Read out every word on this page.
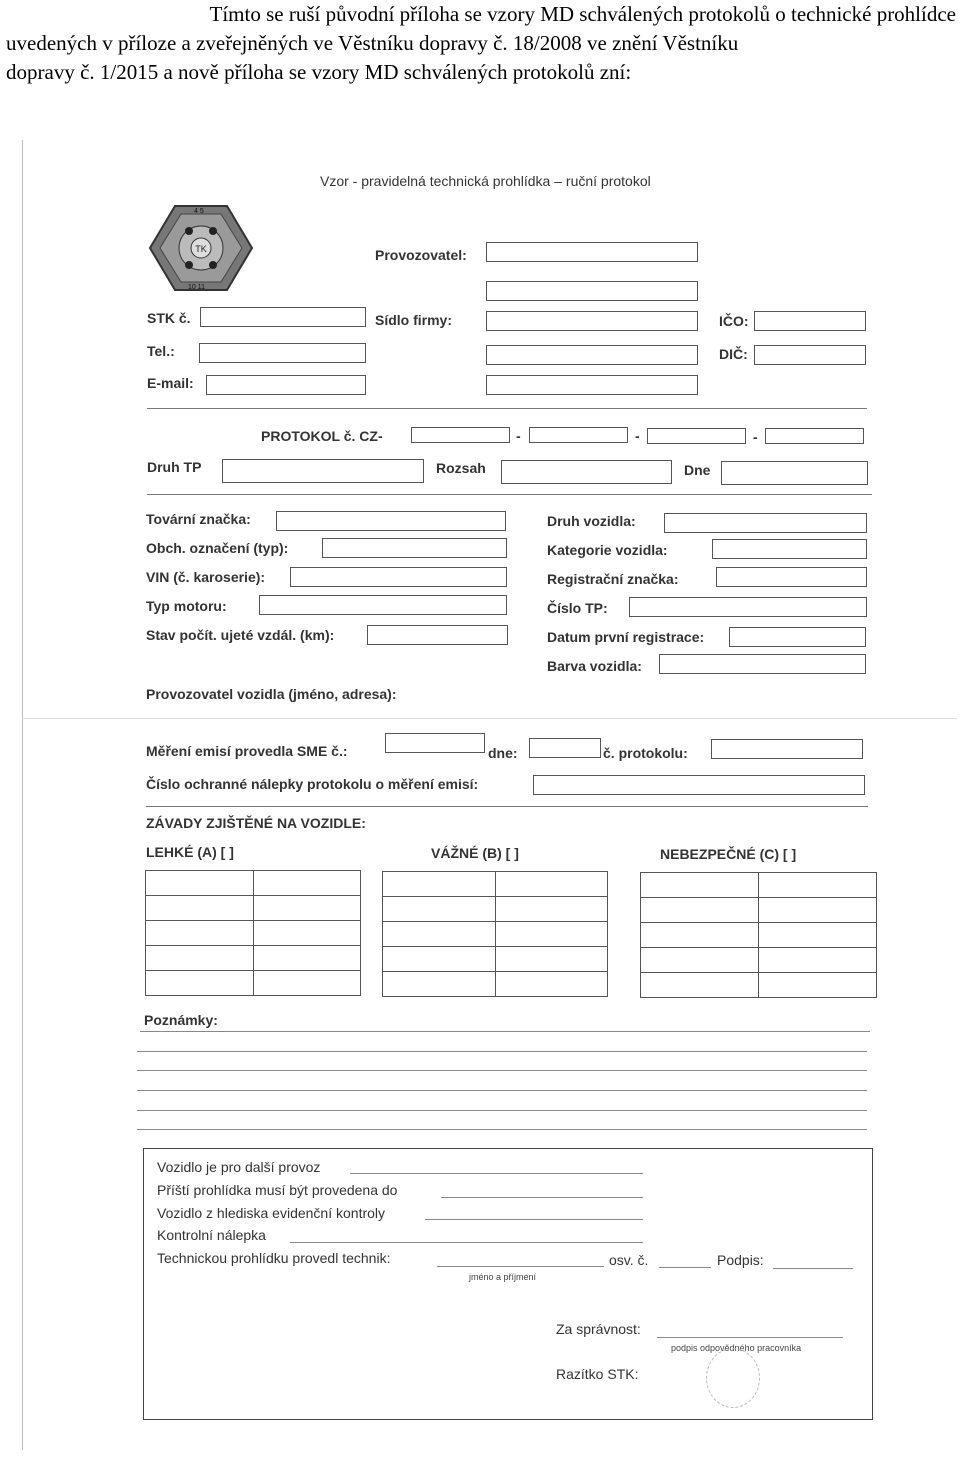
Tímto se ruší původní příloha se vzory MD schválených protokolů o technické prohlídce
uvedených v příloze a zveřejněných ve Věstníku dopravy č. 18/2008 ve znění Věstníku
dopravy č. 1/2015 a nově příloha se vzory MD schválených protokolů zní:
Vzor - pravidelná technická prohlídka – ruční protokol
TK
4 5
10 11
Provozovatel:
STK č.	Sídlo firmy:	IČO:
Tel.:	DIČ:
E-mail:
PROTOKOL č. CZ-	-	-	-
Druh TP	Rozsah	Dne
Tovární značka:
Obch. označení (typ):
VIN (č. karoserie):
Typ motoru:
Stav počít. ujeté vzdál. (km):
Druh vozidla:
Kategorie vozidla:
Registrační značka:
Číslo TP:
Datum první registrace:
Barva vozidla:
Provozovatel vozidla (jméno, adresa):
Měření emisí provedla SME č.:	dne:	č. protokolu:
Číslo ochranné nálepky protokolu o měření emisí:
ZÁVADY ZJIŠTĚNÉ NA VOZIDLE:
LEHKÉ (A) [ ]	VÁŽNÉ (B) [ ]	NEBEZPEČNÉ (C) [ ]

Poznámky:
Vozidlo je pro další provoz
Příští prohlídka musí být provedena do
Vozidlo z hlediska evidenční kontroly
Kontrolní nálepka
Technickou prohlídku provedl technik:	osv. č.	Podpis:
jméno a příjmení
Za správnost:
podpis odpovědného pracovníka
Razítko STK:
